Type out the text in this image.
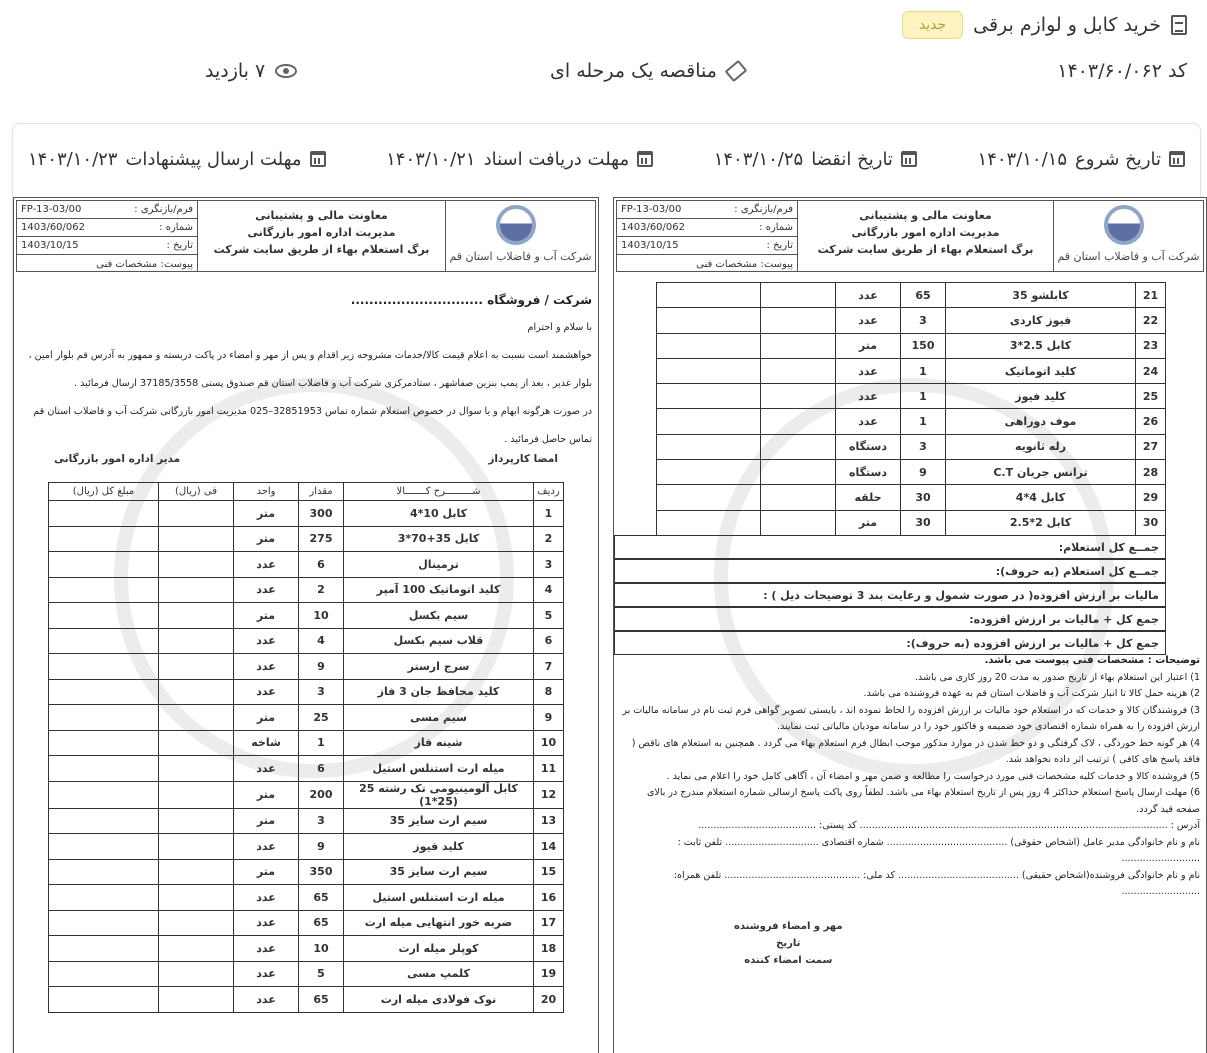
خرید کابل و لوازم برقی
جدید
کد ۱۴۰۳/۶۰/۰۶۲
مناقصه یک مرحله ای
۷ بازدید
تاریخ شروع
۱۴۰۳/۱۰/۱۵
تاریخ انقضا
۱۴۰۳/۱۰/۲۵
مهلت دریافت اسناد
۱۴۰۳/۱۰/۲۱
مهلت ارسال پیشنهادات
۱۴۰۳/۱۰/۲۳
شرکت آب و فاضلاب استان قم
معاونت مالی و پشتیبانی
مدیریت اداره امور بازرگانی
برگ استعلام بهاء از طریق سایت شرکت
فرم/بازنگری :
FP-13-03/00
شماره :
1403/60/062
تاریخ :
1403/10/15
پیوست: مشخصات فنی
21	کابلشو 35	65	عدد		
22	فیوز کاردی	3	عدد		
23	کابل 2.5*3	150	متر		
24	کلید اتوماتیک	1	عدد		
25	کلید فیوز	1	عدد		
26	موف دوراهی	1	عدد		
27	رله ثانویه	3	دستگاه		
28	ترانس جریان C.T	9	دستگاه		
29	کابل 4*4	30	حلقه		
30	کابل 2*2.5	30	متر		
جمــع کل استعلام:
جمــع کل استعلام (به حروف):
مالیات بر ارزش افزوده( در صورت شمول و رعایت بند 3 توضیحات ذیل ) :
جمع کل + مالیات بر ارزش افزوده:
جمع کل + مالیات بر ارزش افزوده (به حروف):
توضیحات : مشخصات فنی پیوست می باشد.
1) اعتبار این استعلام بهاء از تاریخ صدور به مدت 20 روز کاری می باشد.
2) هزینه حمل کالا تا انبار شرکت آب و فاضلاب استان قم به عهده فروشنده می باشد.
3) فروشندگان کالا و خدمات که در استعلام خود مالیات بر ارزش افزوده را لحاظ نموده اند ، بایستی تصویر گواهی فرم ثبت نام در سامانه مالیات بر ارزش افزوده را به همراه شماره اقتصادی خود ضمیمه و فاکتور خود را در سامانه مودیان مالیاتی ثبت نمایند.
4) هر گونه خط خوردگی ، لاک گرفتگی و دو خط شدن در موارد مذکور موجب ابطال فرم استعلام بهاء می گردد . همچنین به استعلام های ناقص ( فاقد پاسخ های کافی ) ترتیب اثر داده نخواهد شد.
5) فروشنده کالا و خدمات کلیه مشخصات فنی مورد درخواست را مطالعه و ضمن مهر و امضاء آن ، آگاهی کامل خود را اعلام می نماید .
6) مهلت ارسال پاسخ استعلام حداکثر 4 روز پس از تاریخ استعلام بهاء می باشد. لطفاً روی پاکت پاسخ ارسالی شماره استعلام مندرج در بالای صفحه قید گردد.
آدرس : ...................................................................................................... کد پستی: .......................................
نام و نام خانوادگی مدیر عامل (اشخاص حقوقی) ........................................ شماره اقتصادی ............................... تلفن ثابت : ..........................
نام و نام خانوادگی فروشنده(اشخاص حقیقی) ........................................ کد ملی: ............................................. تلفن همراه: ..........................
مهر و امضاء فروشنده
تاریخ
سمت امضاء کننده
شرکت آب و فاضلاب استان قم
معاونت مالی و پشتیبانی
مدیریت اداره امور بازرگانی
برگ استعلام بهاء از طریق سایت شرکت
فرم/بازنگری :
FP-13-03/00
شماره :
1403/60/062
تاریخ :
1403/10/15
پیوست: مشخصات فنی
شرکت / فروشگاه .............................
با سلام و احترام
خواهشمند است نسبت به اعلام قیمت کالا/خدمات مشروحه زیر اقدام و پس از مهر و امضاء در پاکت دربسته و ممهور به آدرس قم بلوار امین ، بلوار غدیر ، بعد از پمپ بنزین صفاشهر ، ستادمرکزی شرکت آب و فاضلاب استان قم صندوق پستی 37185/3558 ارسال فرمائید .
در صورت هرگونه ابهام و یا سوال در خصوص استعلام شماره تماس 32851953–025 مدیریت امور بازرگانی شرکت آب و فاضلاب استان قم تماس حاصل فرمائید .
امضا کارپرداز
مدیر اداره امور بازرگانی
ردیف	شـــــــــرح کـــــــالا	مقدار	واحد	فی (ریال)	مبلغ کل (ریال)
1	کابل 10*4	300	متر		
2	کابل 35+70*3	275	متر		
3	ترمینال	6	عدد		
4	کلید اتوماتیک 100 آمپر	2	عدد		
5	سیم بکسل	10	متر		
6	قلاب سیم بکسل	4	عدد		
7	سرج ارستر	9	عدد		
8	کلید محافظ جان 3 فاز	3	عدد		
9	سیم مسی	25	متر		
10	شینه فاز	1	شاخه		
11	میله ارت استنلس استیل	6	عدد		
12	کابل آلومینیومی تک رشته 25 (25*1)	200	متر		
13	سیم ارت سایز 35	3	متر		
14	کلید فیوز	9	عدد		
15	سیم ارت سایز 35	350	متر		
16	میله ارت استنلس استیل	65	عدد		
17	ضربه خور انتهایی میله ارت	65	عدد		
18	کوپلر میله ارت	10	عدد		
19	کلمپ مسی	5	عدد		
20	نوک فولادی میله ارت	65	عدد		
